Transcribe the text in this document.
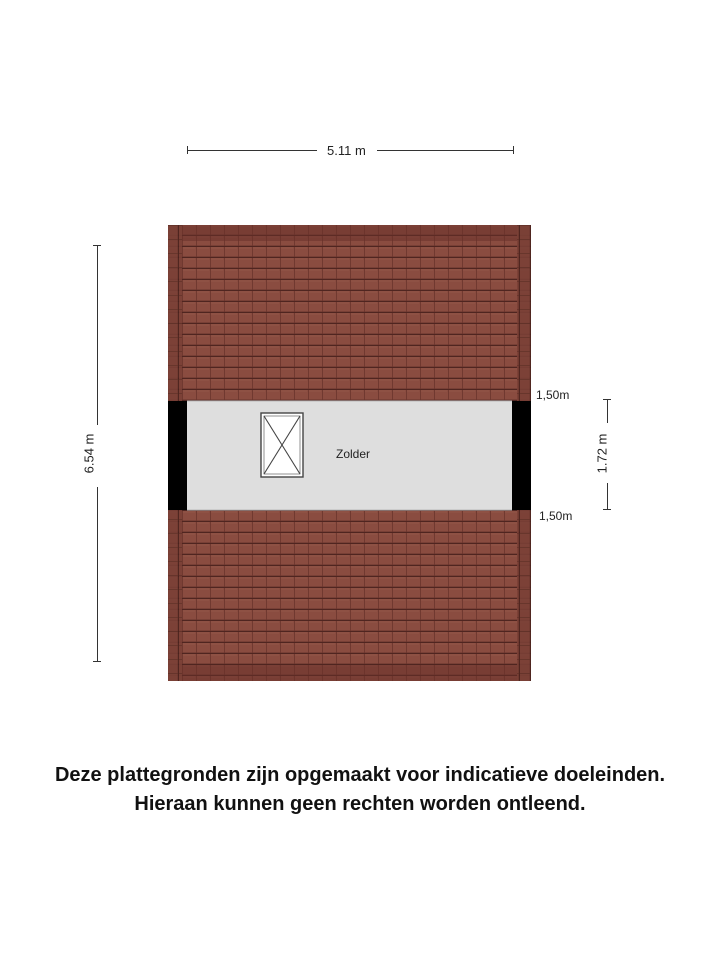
5.11 m
6.54 m	1.72 m
Zolder
1,50m
1,50m
Deze plattegronden zijn opgemaakt voor indicatieve doeleinden.
Hieraan kunnen geen rechten worden ontleend.
